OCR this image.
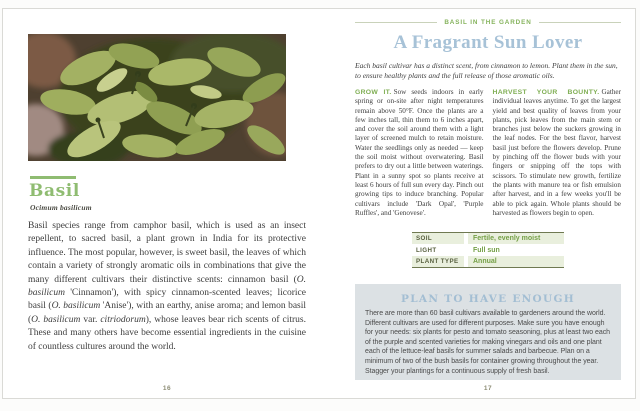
Basil
Ocimum basilicum

Basil species range from camphor basil, which is used as an insect repellent, to sacred basil, a plant grown in India for its protective influence. The most popular, however, is sweet basil, the leaves of which contain a variety of strongly aromatic oils in combinations that give the many different cultivars their distinctive scents: cinnamon basil (O. basilicum 'Cinnamon'), with spicy cinnamon-scented leaves; licorice basil (O. basilicum 'Anise'), with an earthy, anise aroma; and lemon basil (O. basilicum var. citriodorum), whose leaves bear rich scents of citrus. These and many others have become essential ingredients in the cuisine of countless cultures around the world.

16
BASIL IN THE GARDEN
A Fragrant Sun Lover

Each basil cultivar has a distinct scent, from cinnamon to lemon. Plant them in the sun, to ensure healthy plants and the full release of those aromatic oils.

GROW IT. Sow seeds indoors in early spring or on-site after night temperatures remain above 50°F. Once the plants are a few inches tall, thin them to 6 inches apart, and cover the soil around them with a light layer of screened mulch to retain moisture. Water the seedlings only as needed — keep the soil moist without overwatering. Basil prefers to dry out a little between waterings. Plant in a sunny spot so plants receive at least 6 hours of full sun every day. Pinch out growing tips to induce branching. Popular cultivars include 'Dark Opal', 'Purple Ruffles', and 'Genovese'.

HARVEST YOUR BOUNTY. Gather individual leaves anytime. To get the largest yield and best quality of leaves from your plants, pick leaves from the main stem or branches just below the suckers growing in the leaf nodes. For the best flavor, harvest basil just before the flowers develop. Prune by pinching off the flower buds with your fingers or snipping off the tops with scissors. To stimulate new growth, fertilize the plants with manure tea or fish emulsion after harvest, and in a few weeks you'll be able to pick again. Whole plants should be harvested as flowers begin to open.

SOIL	Fertile, evenly moist
LIGHT	Full sun
PLANT TYPE	Annual
PLAN TO HAVE ENOUGH

There are more than 60 basil cultivars available to gardeners around the world. Different cultivars are used for different purposes. Make sure you have enough for your needs: six plants for pesto and tomato seasoning, plus at least two each of the purple and scented varieties for making vinegars and oils and one plant each of the lettuce-leaf basils for summer salads and barbecue. Plan on a minimum of two of the bush basils for container growing throughout the year. Stagger your plantings for a continuous supply of fresh basil.

17
